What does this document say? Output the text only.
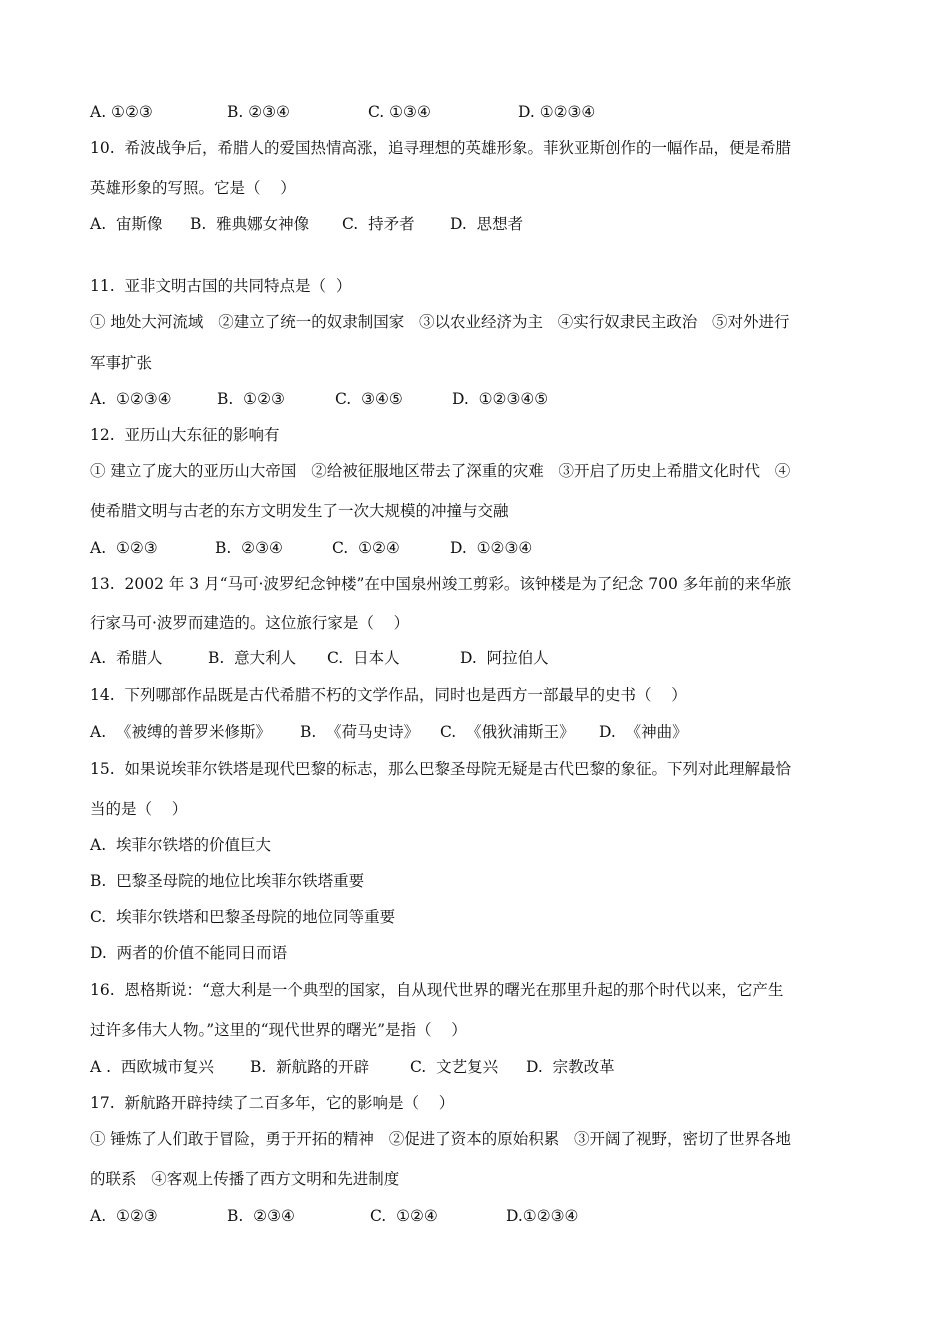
A. ①②③

	B. ②③④

	C. ①③④

	D. ①②③④

10.  希波战争后，希腊人的爱国热情高涨，追寻理想的英雄形象。菲狄亚斯创作的一幅作品，便是希腊
英雄形象的写照。它是（    ）

A.  宙斯像

B.  雅典娜女神像

C.  持矛者

D.  思想者

11.  亚非文明古国的共同特点是（  ）
① 地处大河流域   ②建立了统一的奴隶制国家   ③以农业经济为主   ④实行奴隶民主政治   ⑤对外进行
军事扩张

A.  ①②③④

	B.  ①②③

	C.  ③④⑤

	D.  ①②③④⑤

12.  亚历山大东征的影响有
① 建立了庞大的亚历山大帝国   ②给被征服地区带去了深重的灾难   ③开启了历史上希腊文化时代   ④
使希腊文明与古老的东方文明发生了一次大规模的冲撞与交融

A.  ①②③

	B.  ②③④

	C.  ①②④

	D.  ①②③④

13.  2002 年 3 月“马可·波罗纪念钟楼”在中国泉州竣工剪彩。该钟楼是为了纪念 700 多年前的来华旅
行家马可·波罗而建造的。这位旅行家是（    ）

A.  希腊人

	B.  意大利人

C.  日本人

	D.  阿拉伯人

14.  下列哪部作品既是古代希腊不朽的文学作品，同时也是西方一部最早的史书（    ）

A.  《被缚的普罗米修斯》

B.  《荷马史诗》

C.  《俄狄浦斯王》

D.  《神曲》

15.  如果说埃菲尔铁塔是现代巴黎的标志，那么巴黎圣母院无疑是古代巴黎的象征。下列对此理解最恰
当的是（    ）
A.  埃菲尔铁塔的价值巨大
B.  巴黎圣母院的地位比埃菲尔铁塔重要
C.  埃菲尔铁塔和巴黎圣母院的地位同等重要
D.  两者的价值不能同日而语
16.  恩格斯说：“意大利是一个典型的国家，自从现代世界的曙光在那里升起的那个时代以来，它产生
过许多伟大人物。”这里的“现代世界的曙光”是指（    ）

A .  西欧城市复兴

B.  新航路的开辟

	C.  文艺复兴

D.  宗教改革

17.  新航路开辟持续了二百多年，它的影响是（    ）
① 锤炼了人们敢于冒险，勇于开拓的精神   ②促进了资本的原始积累   ③开阔了视野，密切了世界各地
的联系   ④客观上传播了西方文明和先进制度

A.  ①②③

	B.  ②③④

	C.  ①②④

	D.①②③④
